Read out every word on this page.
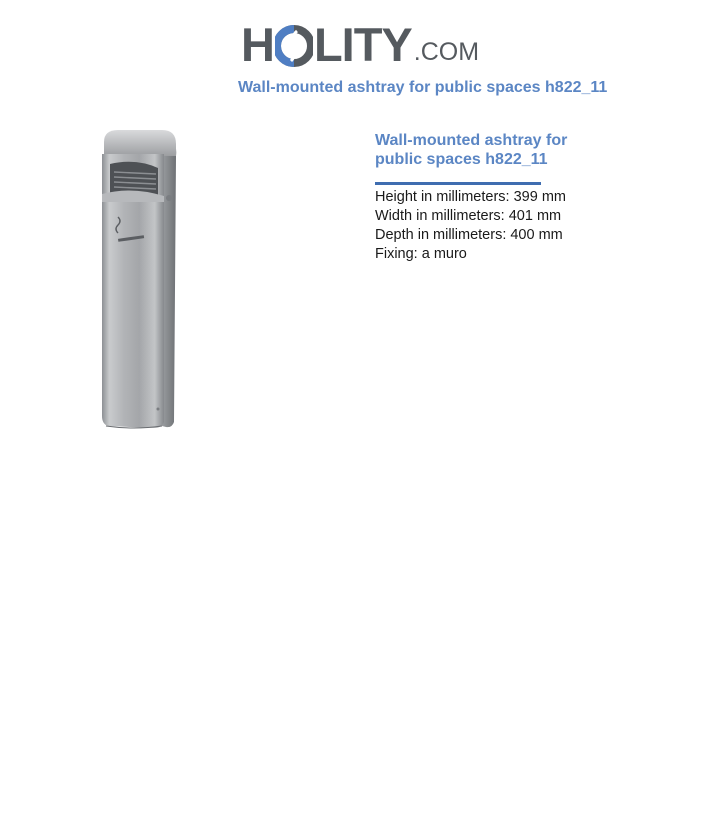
H LITY .COM
Wall-mounted ashtray for public spaces h822_11
Wall-mounted ashtray for public spaces h822_11
Height in millimeters: 399 mm
Width in millimeters: 401 mm
Depth in millimeters: 400 mm
Fixing: a muro
